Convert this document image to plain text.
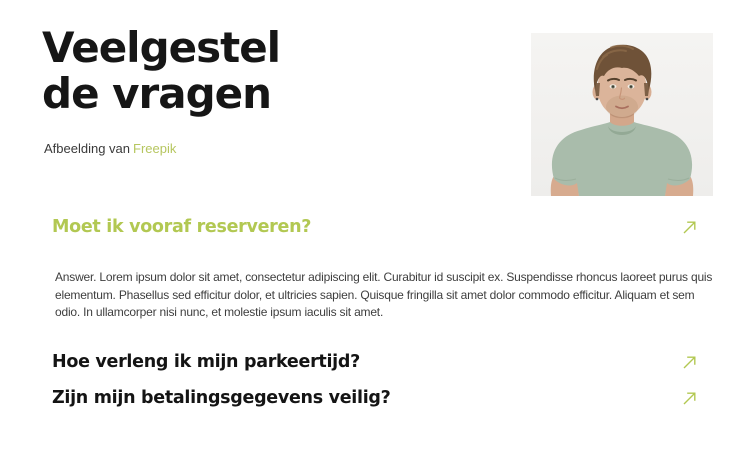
Veelgestel
de vragen

Afbeelding van Freepik

Moet ik vooraf reserveren?
Answer. Lorem ipsum dolor sit amet, consectetur adipiscing elit. Curabitur id suscipit ex. Suspendisse rhoncus laoreet purus quis
elementum. Phasellus sed efficitur dolor, et ultricies sapien. Quisque fringilla sit amet dolor commodo efficitur. Aliquam et sem
odio. In ullamcorper nisi nunc, et molestie ipsum iaculis sit amet.
Hoe verleng ik mijn parkeertijd?
Zijn mijn betalingsgegevens veilig?
